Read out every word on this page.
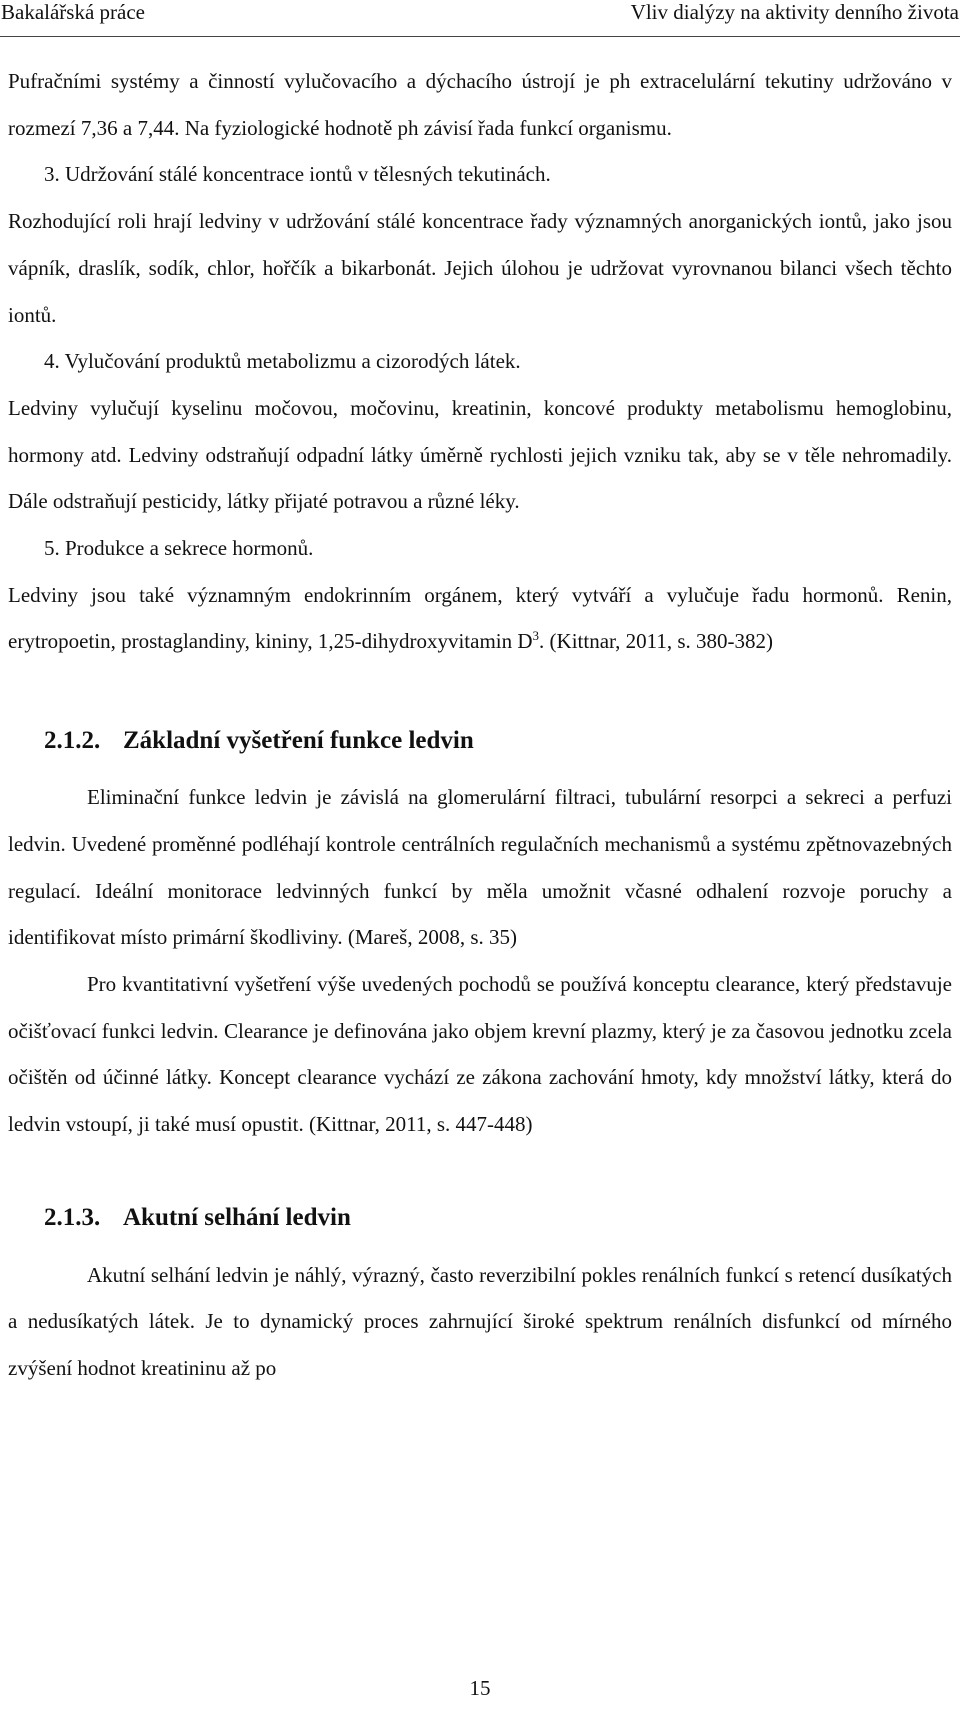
Bakalářská práce	Vliv dialýzy na aktivity denního života

Pufračními systémy a činností vylučovacího a dýchacího ústrojí je ph extracelulární tekutiny udržováno v rozmezí 7,36 a 7,44. Na fyziologické hodnotě ph závisí řada funkcí organismu.

3. Udržování stálé koncentrace iontů v tělesných tekutinách.

Rozhodující roli hrají ledviny v udržování stálé koncentrace řady významných anorganických iontů, jako jsou vápník, draslík, sodík, chlor, hořčík a bikarbonát. Jejich úlohou je udržovat vyrovnanou bilanci všech těchto iontů.

4. Vylučování produktů metabolizmu a cizorodých látek.

Ledviny vylučují kyselinu močovou, močovinu, kreatinin, koncové produkty metabolismu hemoglobinu, hormony atd. Ledviny odstraňují odpadní látky úměrně rychlosti jejich vzniku tak, aby se v těle nehromadily. Dále odstraňují pesticidy, látky přijaté potravou a různé léky.

5. Produkce a sekrece hormonů.

Ledviny jsou také významným endokrinním orgánem, který vytváří a vylučuje řadu hormonů. Renin, erytropoetin, prostaglandiny, kininy, 1,25-dihydroxyvitamin $D^3$. (Kittnar, 2011, s. 380-382)

2.1.2. Základní vyšetření funkce ledvin

Eliminační funkce ledvin je závislá na glomerulární filtraci, tubulární resorpci a sekreci a perfuzi ledvin. Uvedené proměnné podléhají kontrole centrálních regulačních mechanismů a systému zpětnovazebných regulací. Ideální monitorace ledvinných funkcí by měla umožnit včasné odhalení rozvoje poruchy a identifikovat místo primární škodliviny. (Mareš, 2008, s. 35)

Pro kvantitativní vyšetření výše uvedených pochodů se používá konceptu clearance, který představuje očišťovací funkci ledvin. Clearance je definována jako objem krevní plazmy, který je za časovou jednotku zcela očištěn od účinné látky. Koncept clearance vychází ze zákona zachování hmoty, kdy množství látky, která do ledvin vstoupí, ji také musí opustit. (Kittnar, 2011, s. 447-448)

2.1.3. Akutní selhání ledvin

Akutní selhání ledvin je náhlý, výrazný, často reverzibilní pokles renálních funkcí s retencí dusíkatých a nedusíkatých látek. Je to dynamický proces zahrnující široké spektrum renálních disfunkcí od mírného zvýšení hodnot kreatininu až po

15
